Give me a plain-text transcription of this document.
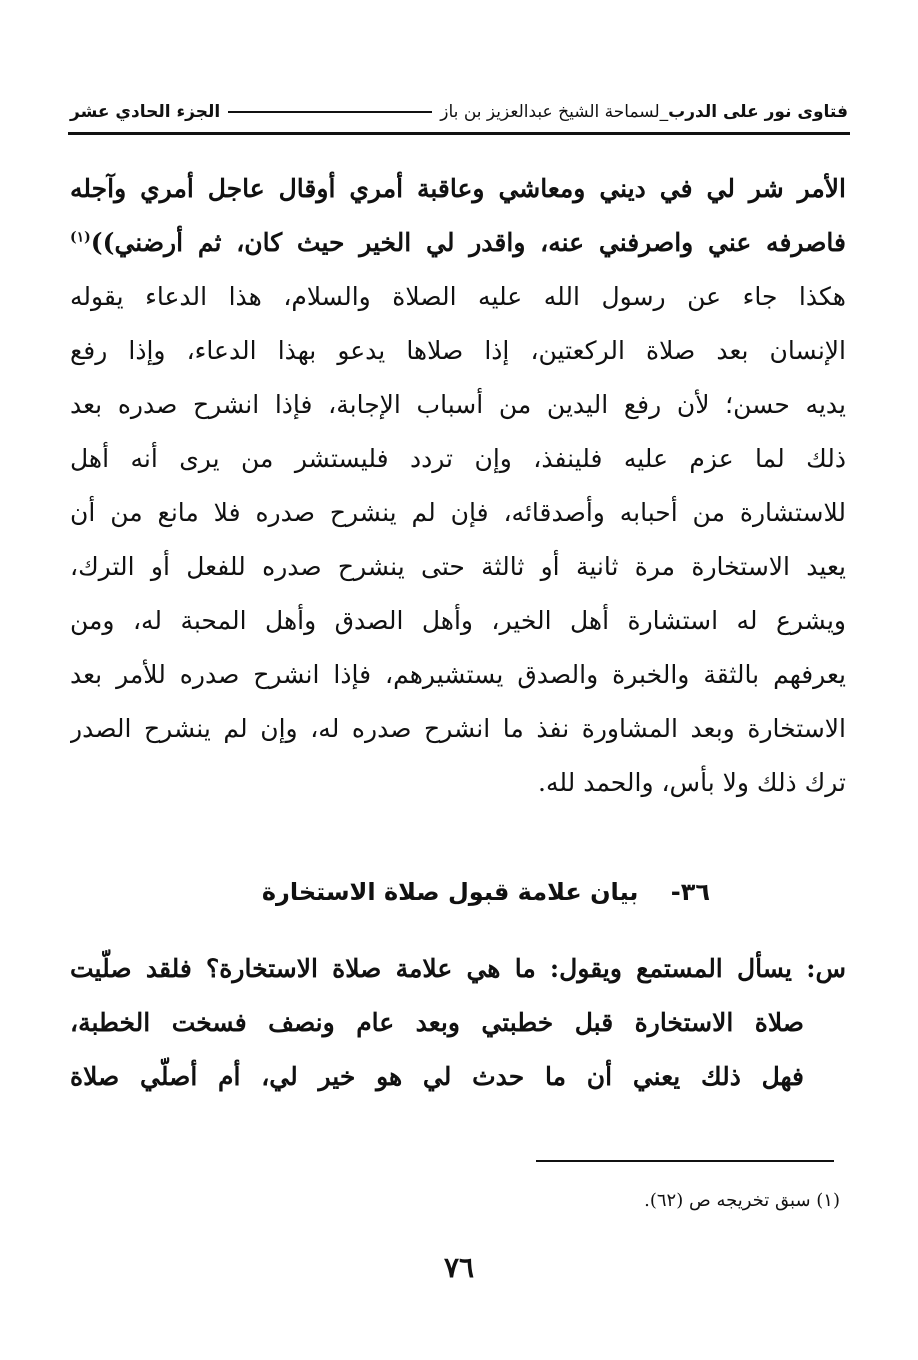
فتاوى نور على الدرب
_
لسماحة الشيخ عبدالعزيز بن باز
الجزء الحادي عشر
الأمر شر لي في ديني ومعاشي وعاقبة أمري أوقال عاجل أمري وآجله
فاصرفه عني واصرفني عنه، واقدر لي الخير حيث كان، ثم أرضني))$^{(١)}$
هكذا جاء عن رسول الله عليه الصلاة والسلام، هذا الدعاء يقوله
الإنسان بعد صلاة الركعتين، إذا صلاها يدعو بهذا الدعاء، وإذا رفع
يديه حسن؛ لأن رفع اليدين من أسباب الإجابة، فإذا انشرح صدره بعد
ذلك لما عزم عليه فلينفذ، وإن تردد فليستشر من يرى أنه أهل
للاستشارة من أحبابه وأصدقائه، فإن لم ينشرح صدره فلا مانع من أن
يعيد الاستخارة مرة ثانية أو ثالثة حتى ينشرح صدره للفعل أو الترك،
ويشرع له استشارة أهل الخير، وأهل الصدق وأهل المحبة له، ومن
يعرفهم بالثقة والخبرة والصدق يستشيرهم، فإذا انشرح صدره للأمر بعد
الاستخارة وبعد المشاورة نفذ ما انشرح صدره له، وإن لم ينشرح الصدر
ترك ذلك ولا بأس، والحمد لله.
٣٦- بيان علامة قبول صلاة الاستخارة
س: يسأل المستمع ويقول: ما هي علامة صلاة الاستخارة؟ فلقد صلّيت
صلاة الاستخارة قبل خطبتي وبعد عام ونصف فسخت الخطبة،
فهل ذلك يعني أن ما حدث لي هو خير لي، أم أصلّي صلاة
(١) سبق تخريجه ص (٦٢).
٧٦
